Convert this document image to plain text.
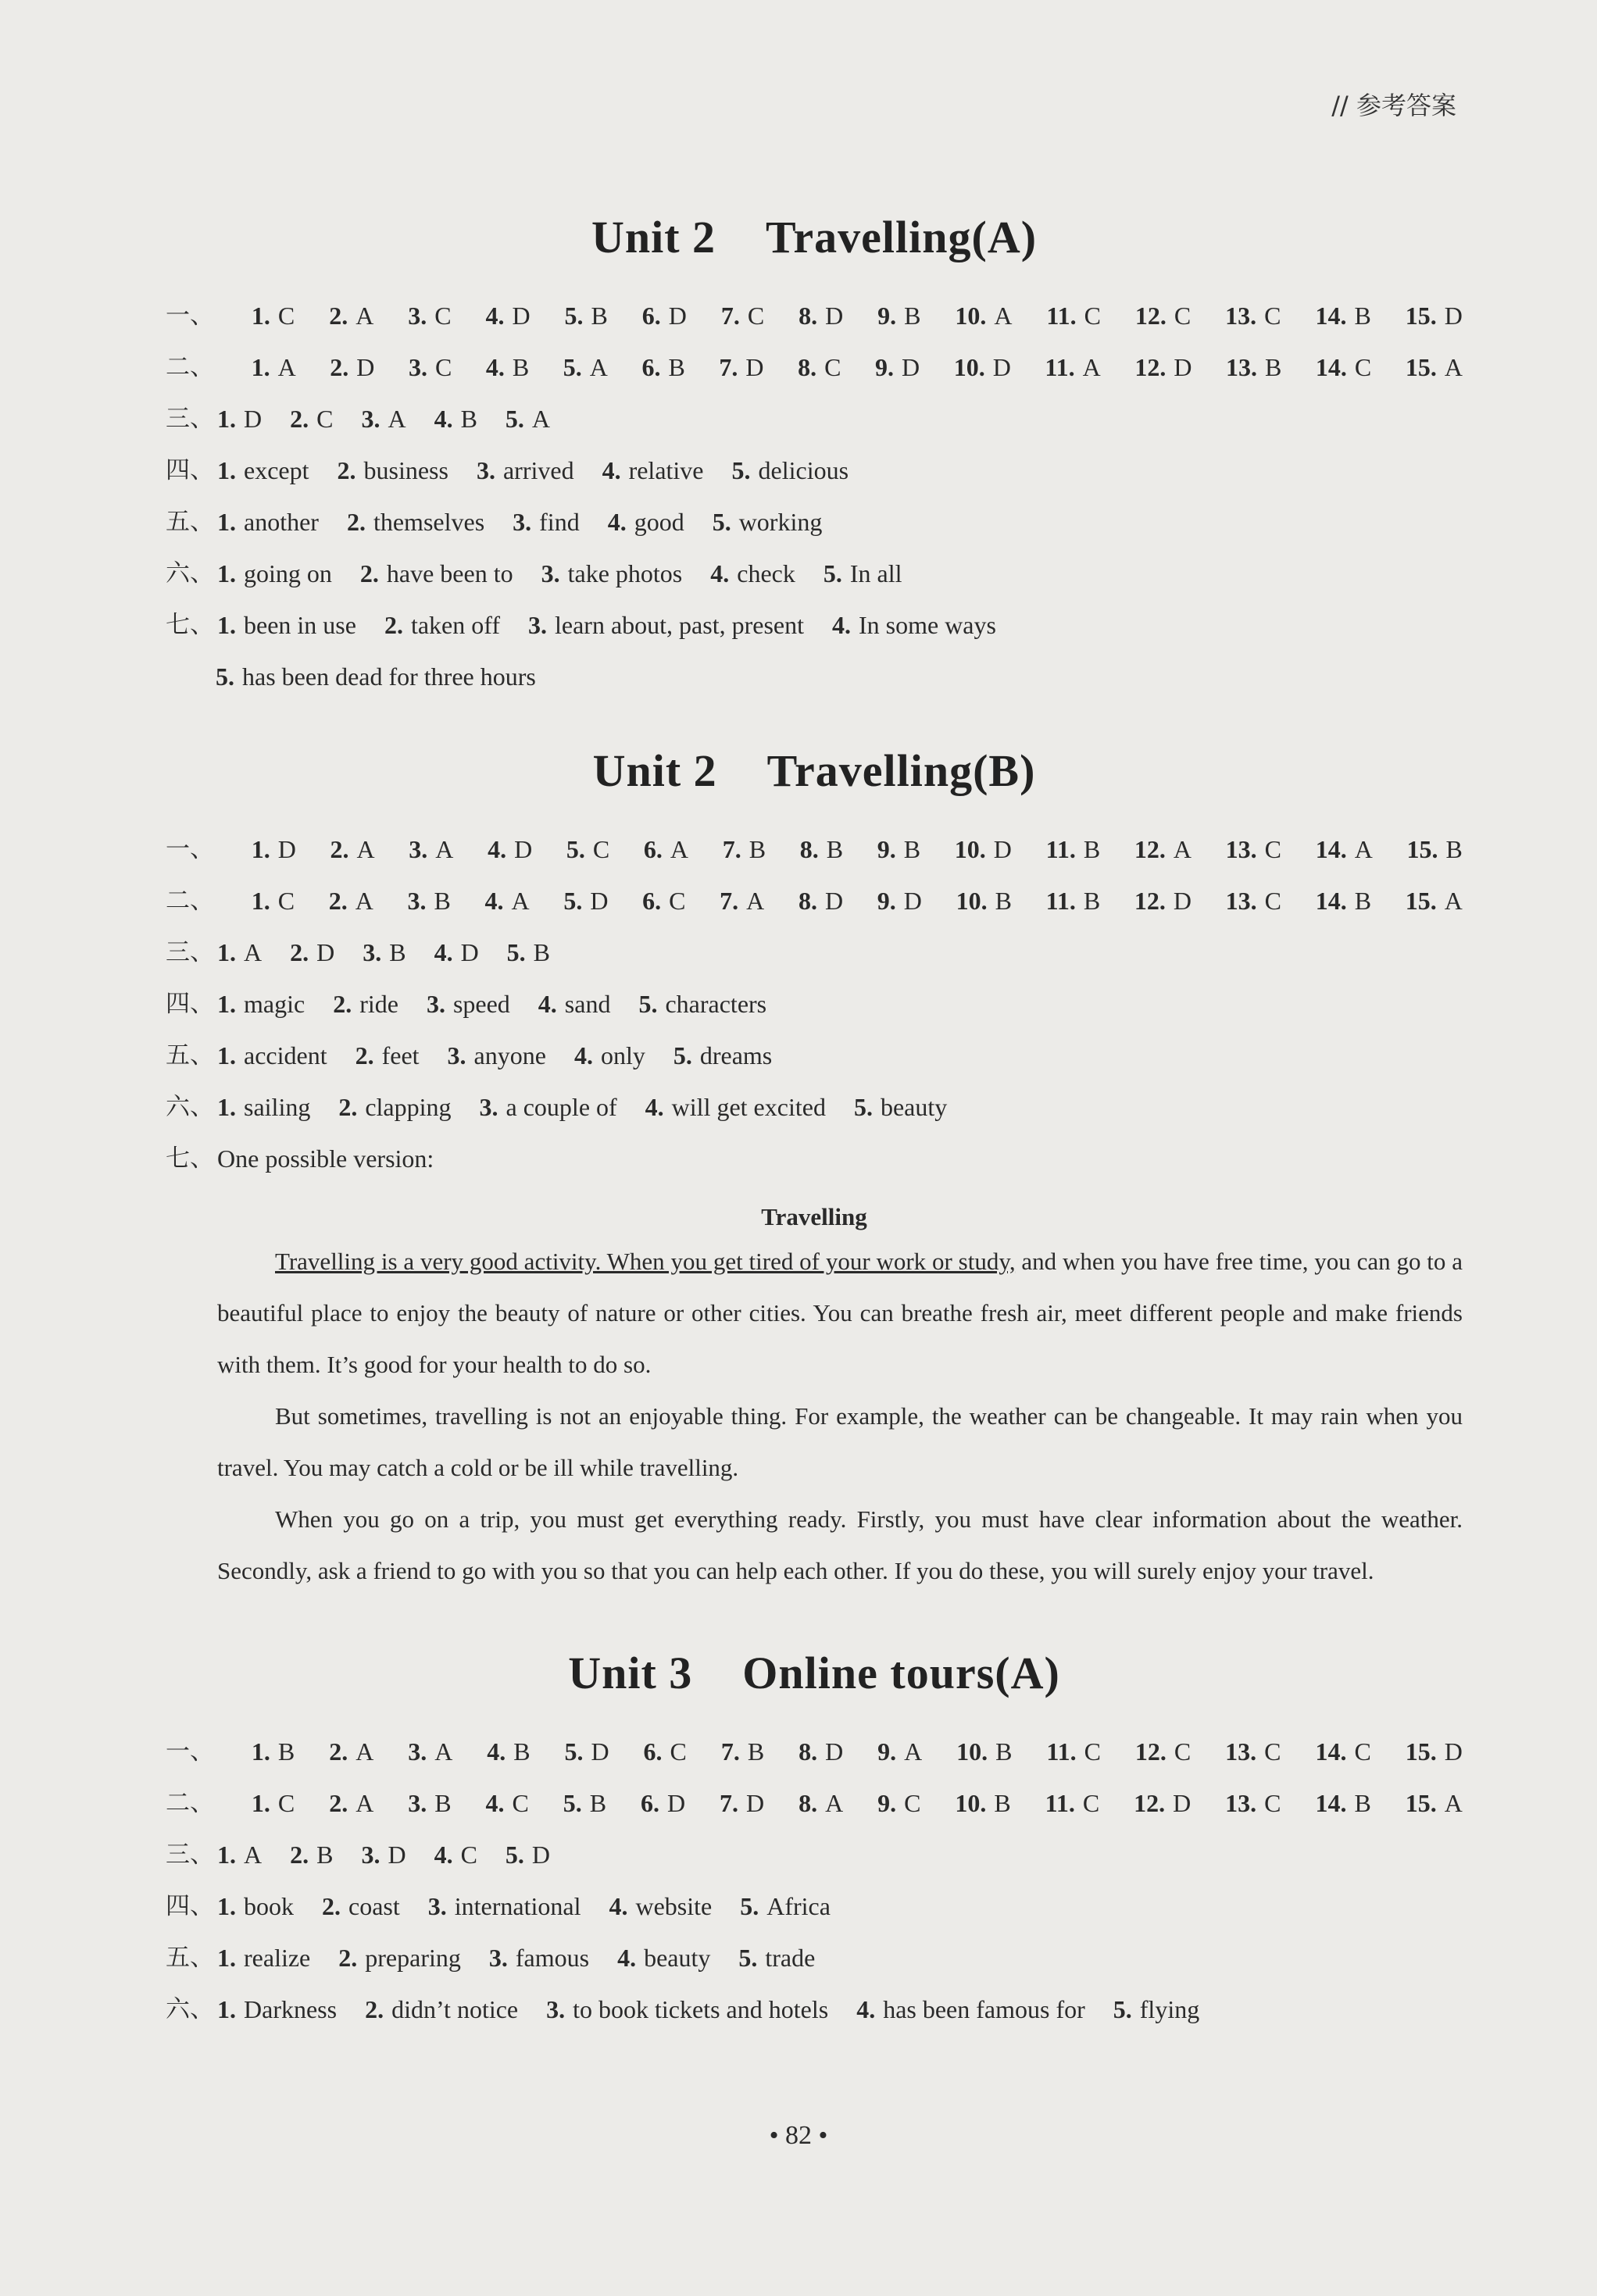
// 参考答案
Unit 2 Travelling(A)
一、 1. C 2. A 3. C 4. D 5. B 6. D 7. C 8. D 9. B 10. A 11. C 12. C 13. C 14. B 15. D
二、 1. A 2. D 3. C 4. B 5. A 6. B 7. D 8. C 9. D 10. D 11. A 12. D 13. B 14. C 15. A
三、 1. D 2. C 3. A 4. B 5. A
四、 1. except 2. business 3. arrived 4. relative 5. delicious
五、 1. another 2. themselves 3. find 4. good 5. working
六、 1. going on 2. have been to 3. take photos 4. check 5. In all
七、 1. been in use 2. taken off 3. learn about, past, present 4. In some ways
5. has been dead for three hours
Unit 2 Travelling(B)
一、 1. D 2. A 3. A 4. D 5. C 6. A 7. B 8. B 9. B 10. D 11. B 12. A 13. C 14. A 15. B
二、 1. C 2. A 3. B 4. A 5. D 6. C 7. A 8. D 9. D 10. B 11. B 12. D 13. C 14. B 15. A
三、 1. A 2. D 3. B 4. D 5. B
四、 1. magic 2. ride 3. speed 4. sand 5. characters
五、 1. accident 2. feet 3. anyone 4. only 5. dreams
六、 1. sailing 2. clapping 3. a couple of 4. will get excited 5. beauty
七、 One possible version:
Travelling

Travelling is a very good activity. When you get tired of your work or study, and when you have free time, you can go to a beautiful place to enjoy the beauty of nature or other cities. You can breathe fresh air, meet different people and make friends with them. It’s good for your health to do so.

But sometimes, travelling is not an enjoyable thing. For example, the weather can be changeable. It may rain when you travel. You may catch a cold or be ill while travelling.

When you go on a trip, you must get everything ready. Firstly, you must have clear information about the weather. Secondly, ask a friend to go with you so that you can help each other. If you do these, you will surely enjoy your travel.

Unit 3 Online tours(A)
一、 1. B 2. A 3. A 4. B 5. D 6. C 7. B 8. D 9. A 10. B 11. C 12. C 13. C 14. C 15. D
二、 1. C 2. A 3. B 4. C 5. B 6. D 7. D 8. A 9. C 10. B 11. C 12. D 13. C 14. B 15. A
三、 1. A 2. B 3. D 4. C 5. D
四、 1. book 2. coast 3. international 4. website 5. Africa
五、 1. realize 2. preparing 3. famous 4. beauty 5. trade
六、 1. Darkness 2. didn’t notice 3. to book tickets and hotels 4. has been famous for 5. flying
• 82 •
